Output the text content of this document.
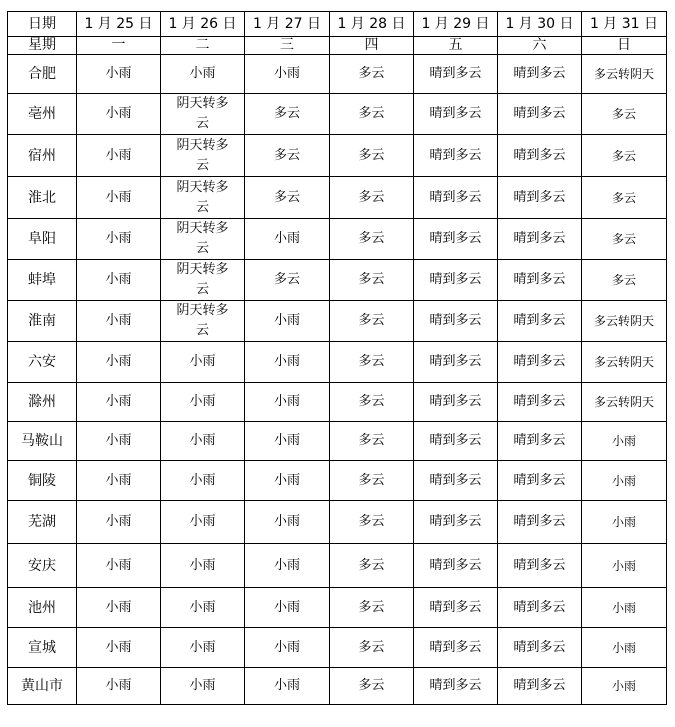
日期	1 月 25 日	1 月 26 日	1 月 27 日	1 月 28 日	1 月 29 日	1 月 30 日	1 月 31 日
星期	一	二	三	四	五	六	日
合肥	小雨	小雨	小雨	多云	晴到多云	晴到多云	多云转阴天
亳州	小雨	阴天转多云	多云	多云	晴到多云	晴到多云	多云
宿州	小雨	阴天转多云	多云	多云	晴到多云	晴到多云	多云
淮北	小雨	阴天转多云	多云	多云	晴到多云	晴到多云	多云
阜阳	小雨	阴天转多云	小雨	多云	晴到多云	晴到多云	多云
蚌埠	小雨	阴天转多云	多云	多云	晴到多云	晴到多云	多云
淮南	小雨	阴天转多云	小雨	多云	晴到多云	晴到多云	多云转阴天
六安	小雨	小雨	小雨	多云	晴到多云	晴到多云	多云转阴天
滁州	小雨	小雨	小雨	多云	晴到多云	晴到多云	多云转阴天
马鞍山	小雨	小雨	小雨	多云	晴到多云	晴到多云	小雨
铜陵	小雨	小雨	小雨	多云	晴到多云	晴到多云	小雨
芜湖	小雨	小雨	小雨	多云	晴到多云	晴到多云	小雨
安庆	小雨	小雨	小雨	多云	晴到多云	晴到多云	小雨
池州	小雨	小雨	小雨	多云	晴到多云	晴到多云	小雨
宣城	小雨	小雨	小雨	多云	晴到多云	晴到多云	小雨
黄山市	小雨	小雨	小雨	多云	晴到多云	晴到多云	小雨
